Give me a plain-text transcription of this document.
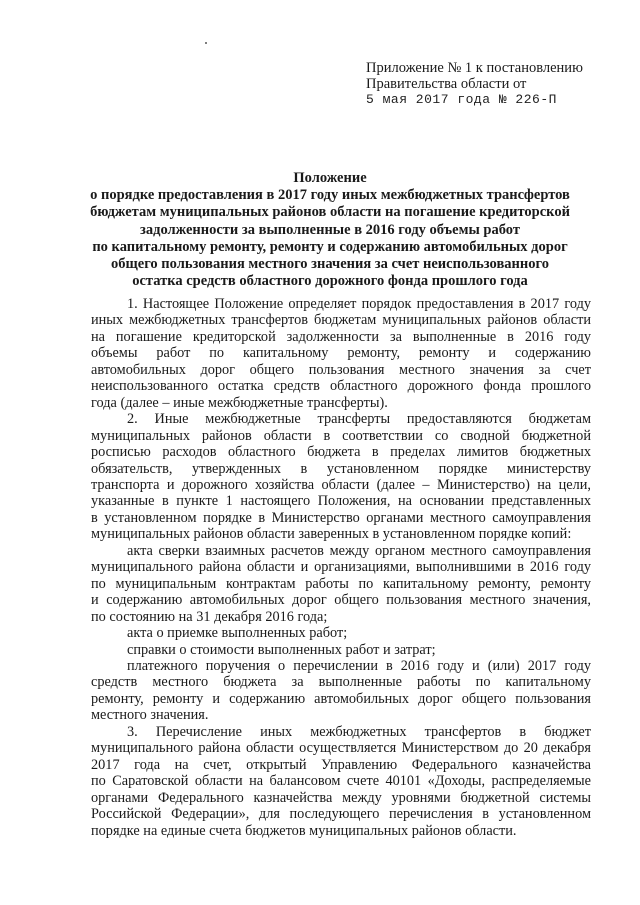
Приложение № 1 к постановлению
Правительства области от
5 мая 2017 года № 226-П
Положение
о порядке предоставления в 2017 году иных межбюджетных трансфертов
бюджетам муниципальных районов области на погашение кредиторской
задолженности за выполненные в 2016 году объемы работ
по капитальному ремонту, ремонту и содержанию автомобильных дорог
общего пользования местного значения за счет неиспользованного
остатка средств областного дорожного фонда прошлого года

1. Настоящее Положение определяет порядок предоставления в 2017 году
иных межбюджетных трансфертов бюджетам муниципальных районов области
на погашение кредиторской задолженности за выполненные в 2016 году
объемы работ по капитальному ремонту, ремонту и содержанию
автомобильных дорог общего пользования местного значения за счет
неиспользованного остатка средств областного дорожного фонда прошлого
года (далее – иные межбюджетные трансферты).

2. Иные межбюджетные трансферты предоставляются бюджетам
муниципальных районов области в соответствии со сводной бюджетной
росписью расходов областного бюджета в пределах лимитов бюджетных
обязательств, утвержденных в установленном порядке министерству
транспорта и дорожного хозяйства области (далее – Министерство) на цели,
указанные в пункте 1 настоящего Положения, на основании представленных
в установленном порядке в Министерство органами местного самоуправления
муниципальных районов области заверенных в установленном порядке копий:

акта сверки взаимных расчетов между органом местного самоуправления
муниципального района области и организациями, выполнившими в 2016 году
по муниципальным контрактам работы по капитальному ремонту, ремонту
и содержанию автомобильных дорог общего пользования местного значения,
по состоянию на 31 декабря 2016 года;

акта о приемке выполненных работ;

справки о стоимости выполненных работ и затрат;

платежного поручения о перечислении в 2016 году и (или) 2017 году
средств местного бюджета за выполненные работы по капитальному
ремонту, ремонту и содержанию автомобильных дорог общего пользования
местного значения.

3. Перечисление иных межбюджетных трансфертов в бюджет
муниципального района области осуществляется Министерством до 20 декабря
2017 года на счет, открытый Управлению Федерального казначейства
по Саратовской области на балансовом счете 40101 «Доходы, распределяемые
органами Федерального казначейства между уровнями бюджетной системы
Российской Федерации», для последующего перечисления в установленном
порядке на единые счета бюджетов муниципальных районов области.
